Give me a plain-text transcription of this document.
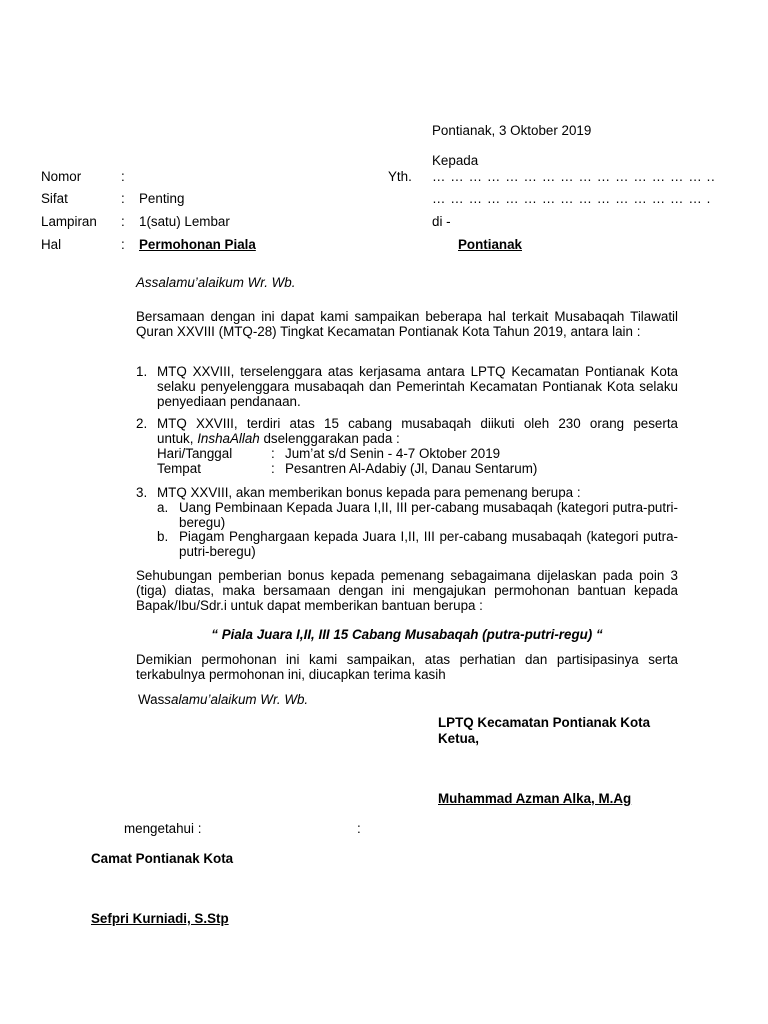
Pontianak, 3 Oktober 2019
Kepada
Yth. … … … … … … … … … … … … … … … ..
… … … … … … … … … … … … … … … .
di -
Pontianak
Nomor	:
Sifat	: Penting
Lampiran : 1(satu) Lembar
Hal	: Permohonan Piala
Assalamu’alaikum Wr. Wb.
Bersamaan dengan ini dapat kami sampaikan beberapa hal terkait Musabaqah Tilawatil Quran XXVIII (MTQ-28) Tingkat Kecamatan Pontianak Kota Tahun 2019, antara lain :
1. MTQ XXVIII, terselenggara atas kerjasama antara LPTQ Kecamatan Pontianak Kota selaku penyelenggara musabaqah dan Pemerintah Kecamatan Pontianak Kota selaku penyediaan pendanaan.
2. MTQ XXVIII, terdiri atas 15 cabang musabaqah diikuti oleh 230 orang peserta
untuk, InshaAllah dselenggarakan pada :
Hari/Tanggal	: Jum’at s/d Senin - 4-7 Oktober 2019
Tempat	: Pesantren Al-Adabiy (Jl, Danau Sentarum)
3. MTQ XXVIII, akan memberikan bonus kepada para pemenang berupa :
a. Uang Pembinaan Kepada Juara I,II, III per-cabang musabaqah (kategori putra-putri-beregu)
b. Piagam Penghargaan kepada Juara I,II, III per-cabang musabaqah (kategori putra-putri-beregu)
Sehubungan pemberian bonus kepada pemenang sebagaimana dijelaskan pada poin 3 (tiga) diatas, maka bersamaan dengan ini mengajukan permohonan bantuan kepada Bapak/Ibu/Sdr.i untuk dapat memberikan bantuan berupa :
“ Piala Juara I,II, III 15 Cabang Musabaqah (putra-putri-regu) “
Demikian permohonan ini kami sampaikan, atas perhatian dan partisipasinya serta terkabulnya permohonan ini, diucapkan terima kasih
Wassalamu’alaikum Wr. Wb.
LPTQ Kecamatan Pontianak Kota
Ketua,
Muhammad Azman Alka, M.Ag
mengetahui :	:
Camat Pontianak Kota
Sefpri Kurniadi, S.Stp
